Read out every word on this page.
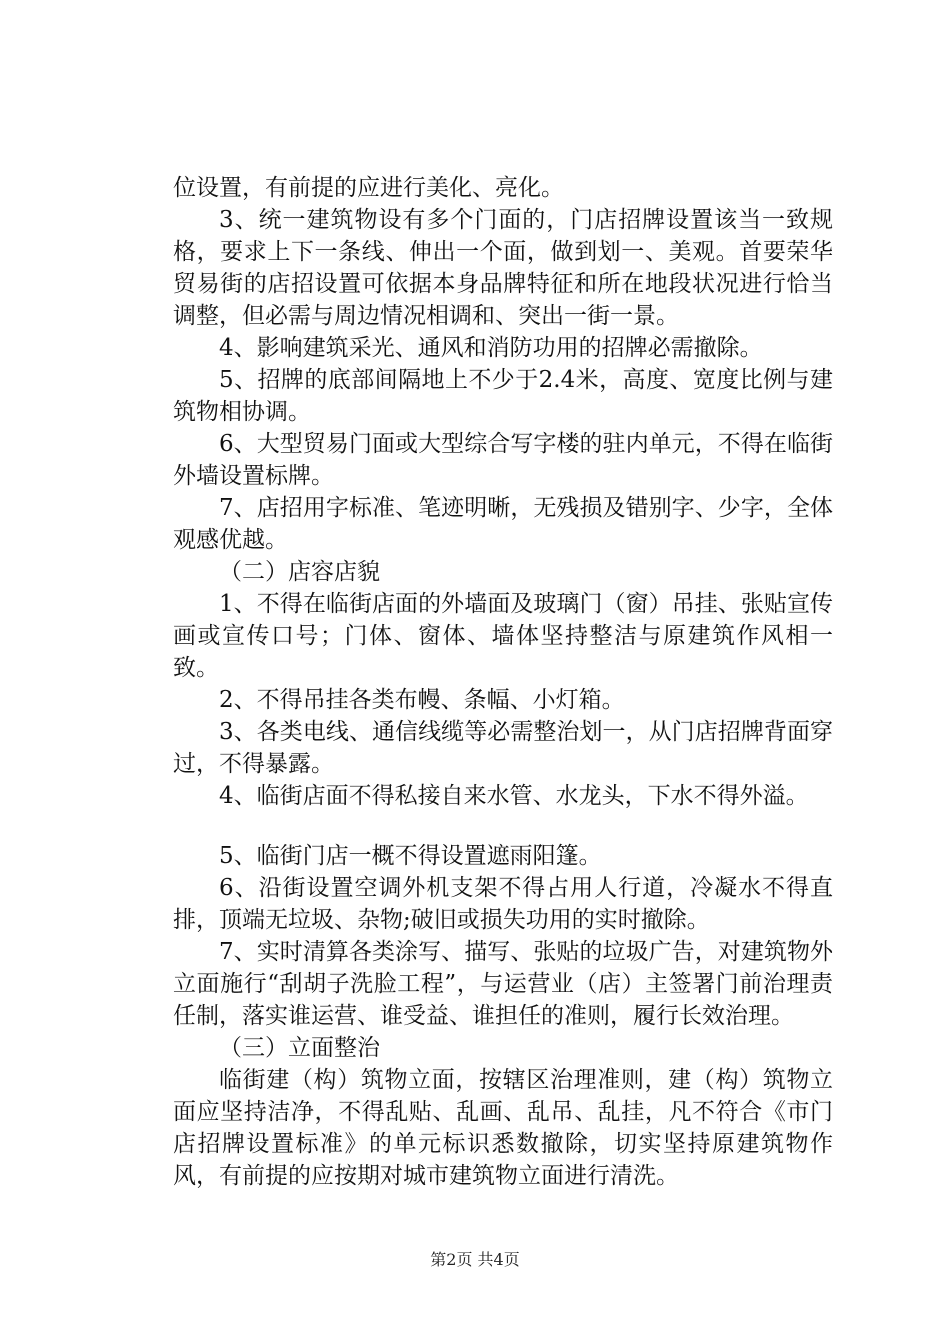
位设置，有前提的应进行美化、亮化。

3、统一建筑物设有多个门面的，门店招牌设置该当一致规格，要求上下一条线、伸出一个面，做到划一、美观。首要荣华贸易街的店招设置可依据本身品牌特征和所在地段状况进行恰当调整，但必需与周边情况相调和、突出一街一景。

4、影响建筑采光、通风和消防功用的招牌必需撤除。

5、招牌的底部间隔地上不少于2.4米，高度、宽度比例与建筑物相协调。

6、大型贸易门面或大型综合写字楼的驻内单元，不得在临街外墙设置标牌。

7、店招用字标准、笔迹明晰，无残损及错别字、少字，全体观感优越。

（二）店容店貌

1、不得在临街店面的外墙面及玻璃门（窗）吊挂、张贴宣传画或宣传口号；门体、窗体、墙体坚持整洁与原建筑作风相一致。

2、不得吊挂各类布幔、条幅、小灯箱。

3、各类电线、通信线缆等必需整治划一，从门店招牌背面穿过，不得暴露。

4、临街店面不得私接自来水管、水龙头，下水不得外溢。

5、临街门店一概不得设置遮雨阳篷。

6、沿街设置空调外机支架不得占用人行道，冷凝水不得直排，顶端无垃圾、杂物;破旧或损失功用的实时撤除。

7、实时清算各类涂写、描写、张贴的垃圾广告，对建筑物外立面施行“刮胡子洗脸工程”，与运营业（店）主签署门前治理责任制，落实谁运营、谁受益、谁担任的准则，履行长效治理。

（三）立面整治

临街建（构）筑物立面，按辖区治理准则，建（构）筑物立面应坚持洁净，不得乱贴、乱画、乱吊、乱挂，凡不符合《市门店招牌设置标准》的单元标识悉数撤除，切实坚持原建筑物作风，有前提的应按期对城市建筑物立面进行清洗。

第2页 共4页
